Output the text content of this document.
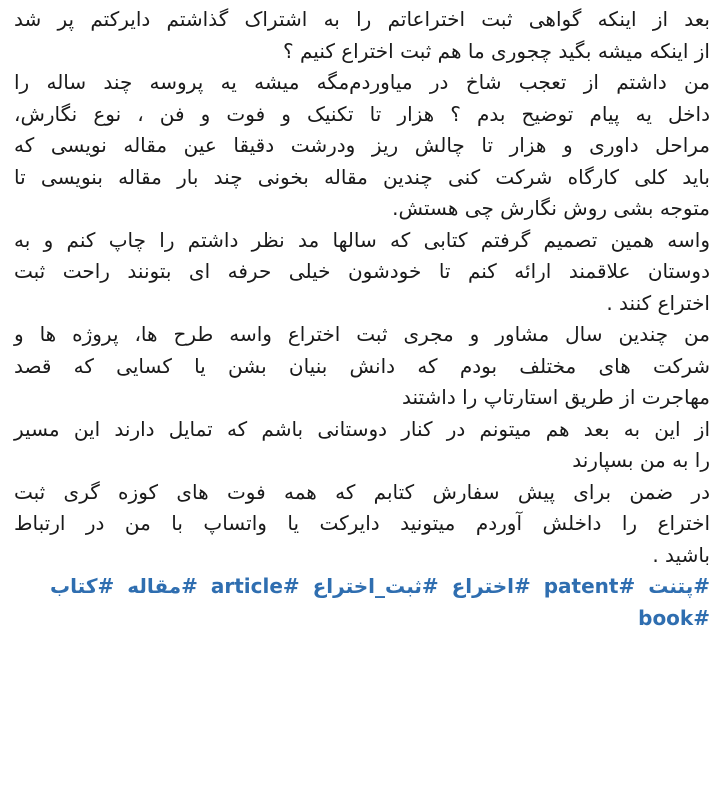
بعد از اینکه گواهی ثبت اختراعاتم را به اشتراک گذاشتم دایرکتم پر شد
از اینکه میشه بگید چجوری ما هم ثبت اختراع کنیم ؟
من داشتم از تعجب شاخ در میاوردم‌مگه میشه یه پروسه چند ساله را
داخل یه پیام توضیح بدم ؟ هزار تا تکنیک و فوت و فن ، نوع نگارش،
مراحل داوری و هزار تا چالش ریز ودرشت دقیقا عین مقاله نویسی که
باید کلی کارگاه شرکت کنی چندین مقاله بخونی چند بار مقاله بنویسی تا
متوجه بشی روش نگارش چی هستش.
واسه همین تصمیم گرفتم کتابی که سالها مد نظر داشتم را چاپ کنم و به
دوستان علاقمند ارائه کنم تا خودشون خیلی حرفه ای بتونند راحت ثبت
اختراع کنند .
من چندین سال مشاور و مجری ثبت اختراع واسه طرح ها، پروژه ها و
شرکت های مختلف بودم که دانش بنیان بشن یا کسایی که قصد
مهاجرت از طریق استارتاپ را داشتند
از این به بعد هم میتونم در کنار دوستانی باشم که تمایل دارند این مسیر
را به من بسپارند
در ضمن برای پیش سفارش کتابم که همه فوت های کوزه گری ثبت
اختراع را داخلش آوردم میتونید دایرکت یا واتساپ با من در ارتباط
باشید .
#پتنت #patent #اختراع #ثبت_اختراع #article #مقاله #کتاب
#book
